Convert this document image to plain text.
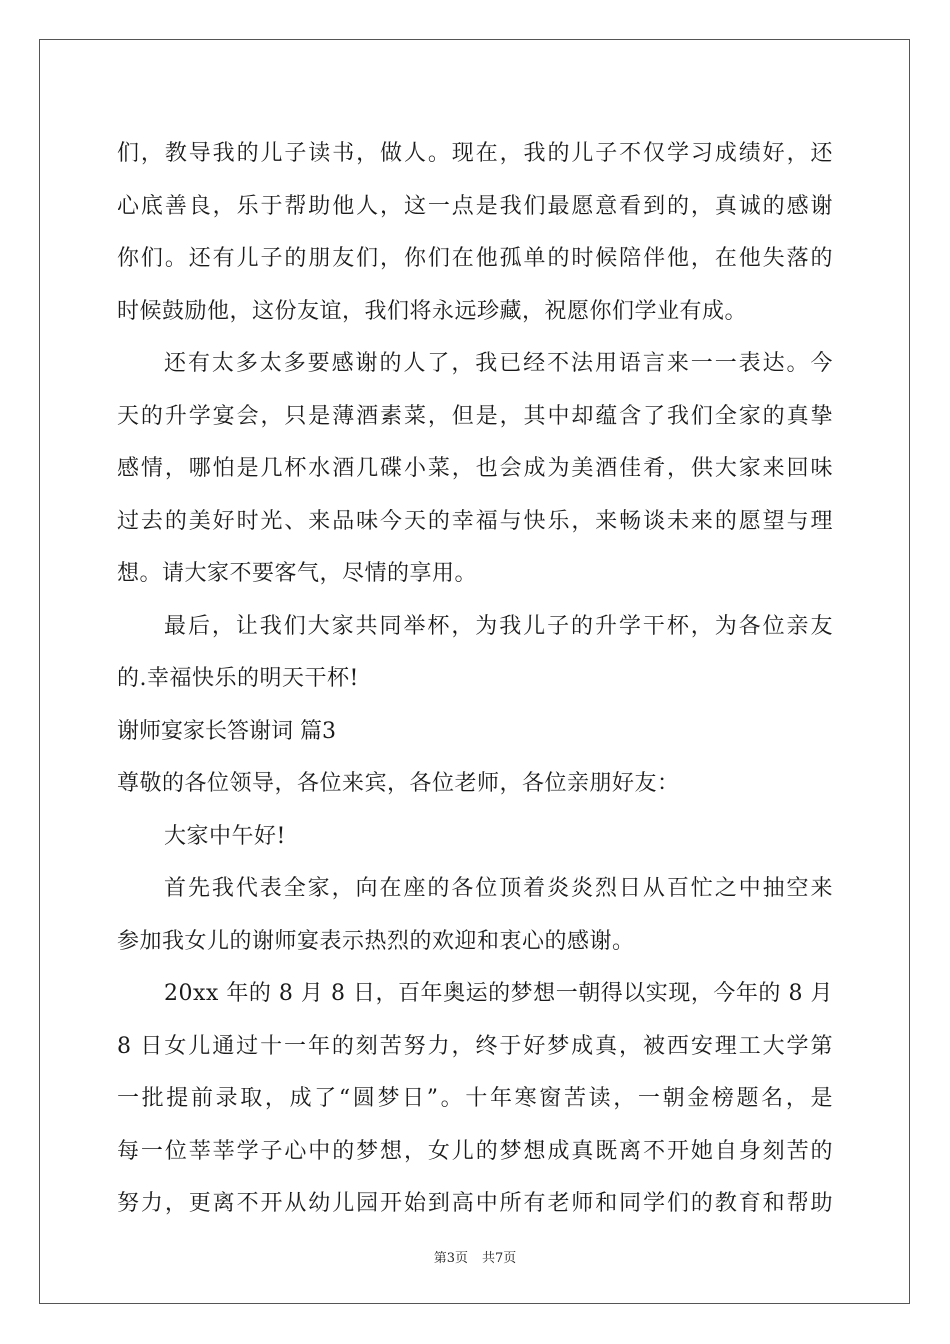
们，教导我的儿子读书，做人。现在，我的儿子不仅学习成绩好，还
心底善良，乐于帮助他人，这一点是我们最愿意看到的，真诚的感谢
你们。还有儿子的朋友们，你们在他孤单的时候陪伴他，在他失落的
时候鼓励他，这份友谊，我们将永远珍藏，祝愿你们学业有成。
还有太多太多要感谢的人了，我已经不法用语言来一一表达。今
天的升学宴会，只是薄酒素菜，但是，其中却蕴含了我们全家的真挚
感情，哪怕是几杯水酒几碟小菜，也会成为美酒佳肴，供大家来回味
过去的美好时光、来品味今天的幸福与快乐，来畅谈未来的愿望与理
想。请大家不要客气，尽情的享用。
最后，让我们大家共同举杯，为我儿子的升学干杯，为各位亲友
的.幸福快乐的明天干杯!
谢师宴家长答谢词 篇3
尊敬的各位领导，各位来宾，各位老师，各位亲朋好友：
大家中午好!
首先我代表全家，向在座的各位顶着炎炎烈日从百忙之中抽空来
参加我女儿的谢师宴表示热烈的欢迎和衷心的感谢。
20xx 年的 8 月 8 日，百年奥运的梦想一朝得以实现，今年的 8 月
8 日女儿通过十一年的刻苦努力，终于好梦成真，被西安理工大学第
一批提前录取，成了“圆梦日”。十年寒窗苦读，一朝金榜题名，是
每一位莘莘学子心中的梦想，女儿的梦想成真既离不开她自身刻苦的
努力，更离不开从幼儿园开始到高中所有老师和同学们的教育和帮助
第3页 共7页
